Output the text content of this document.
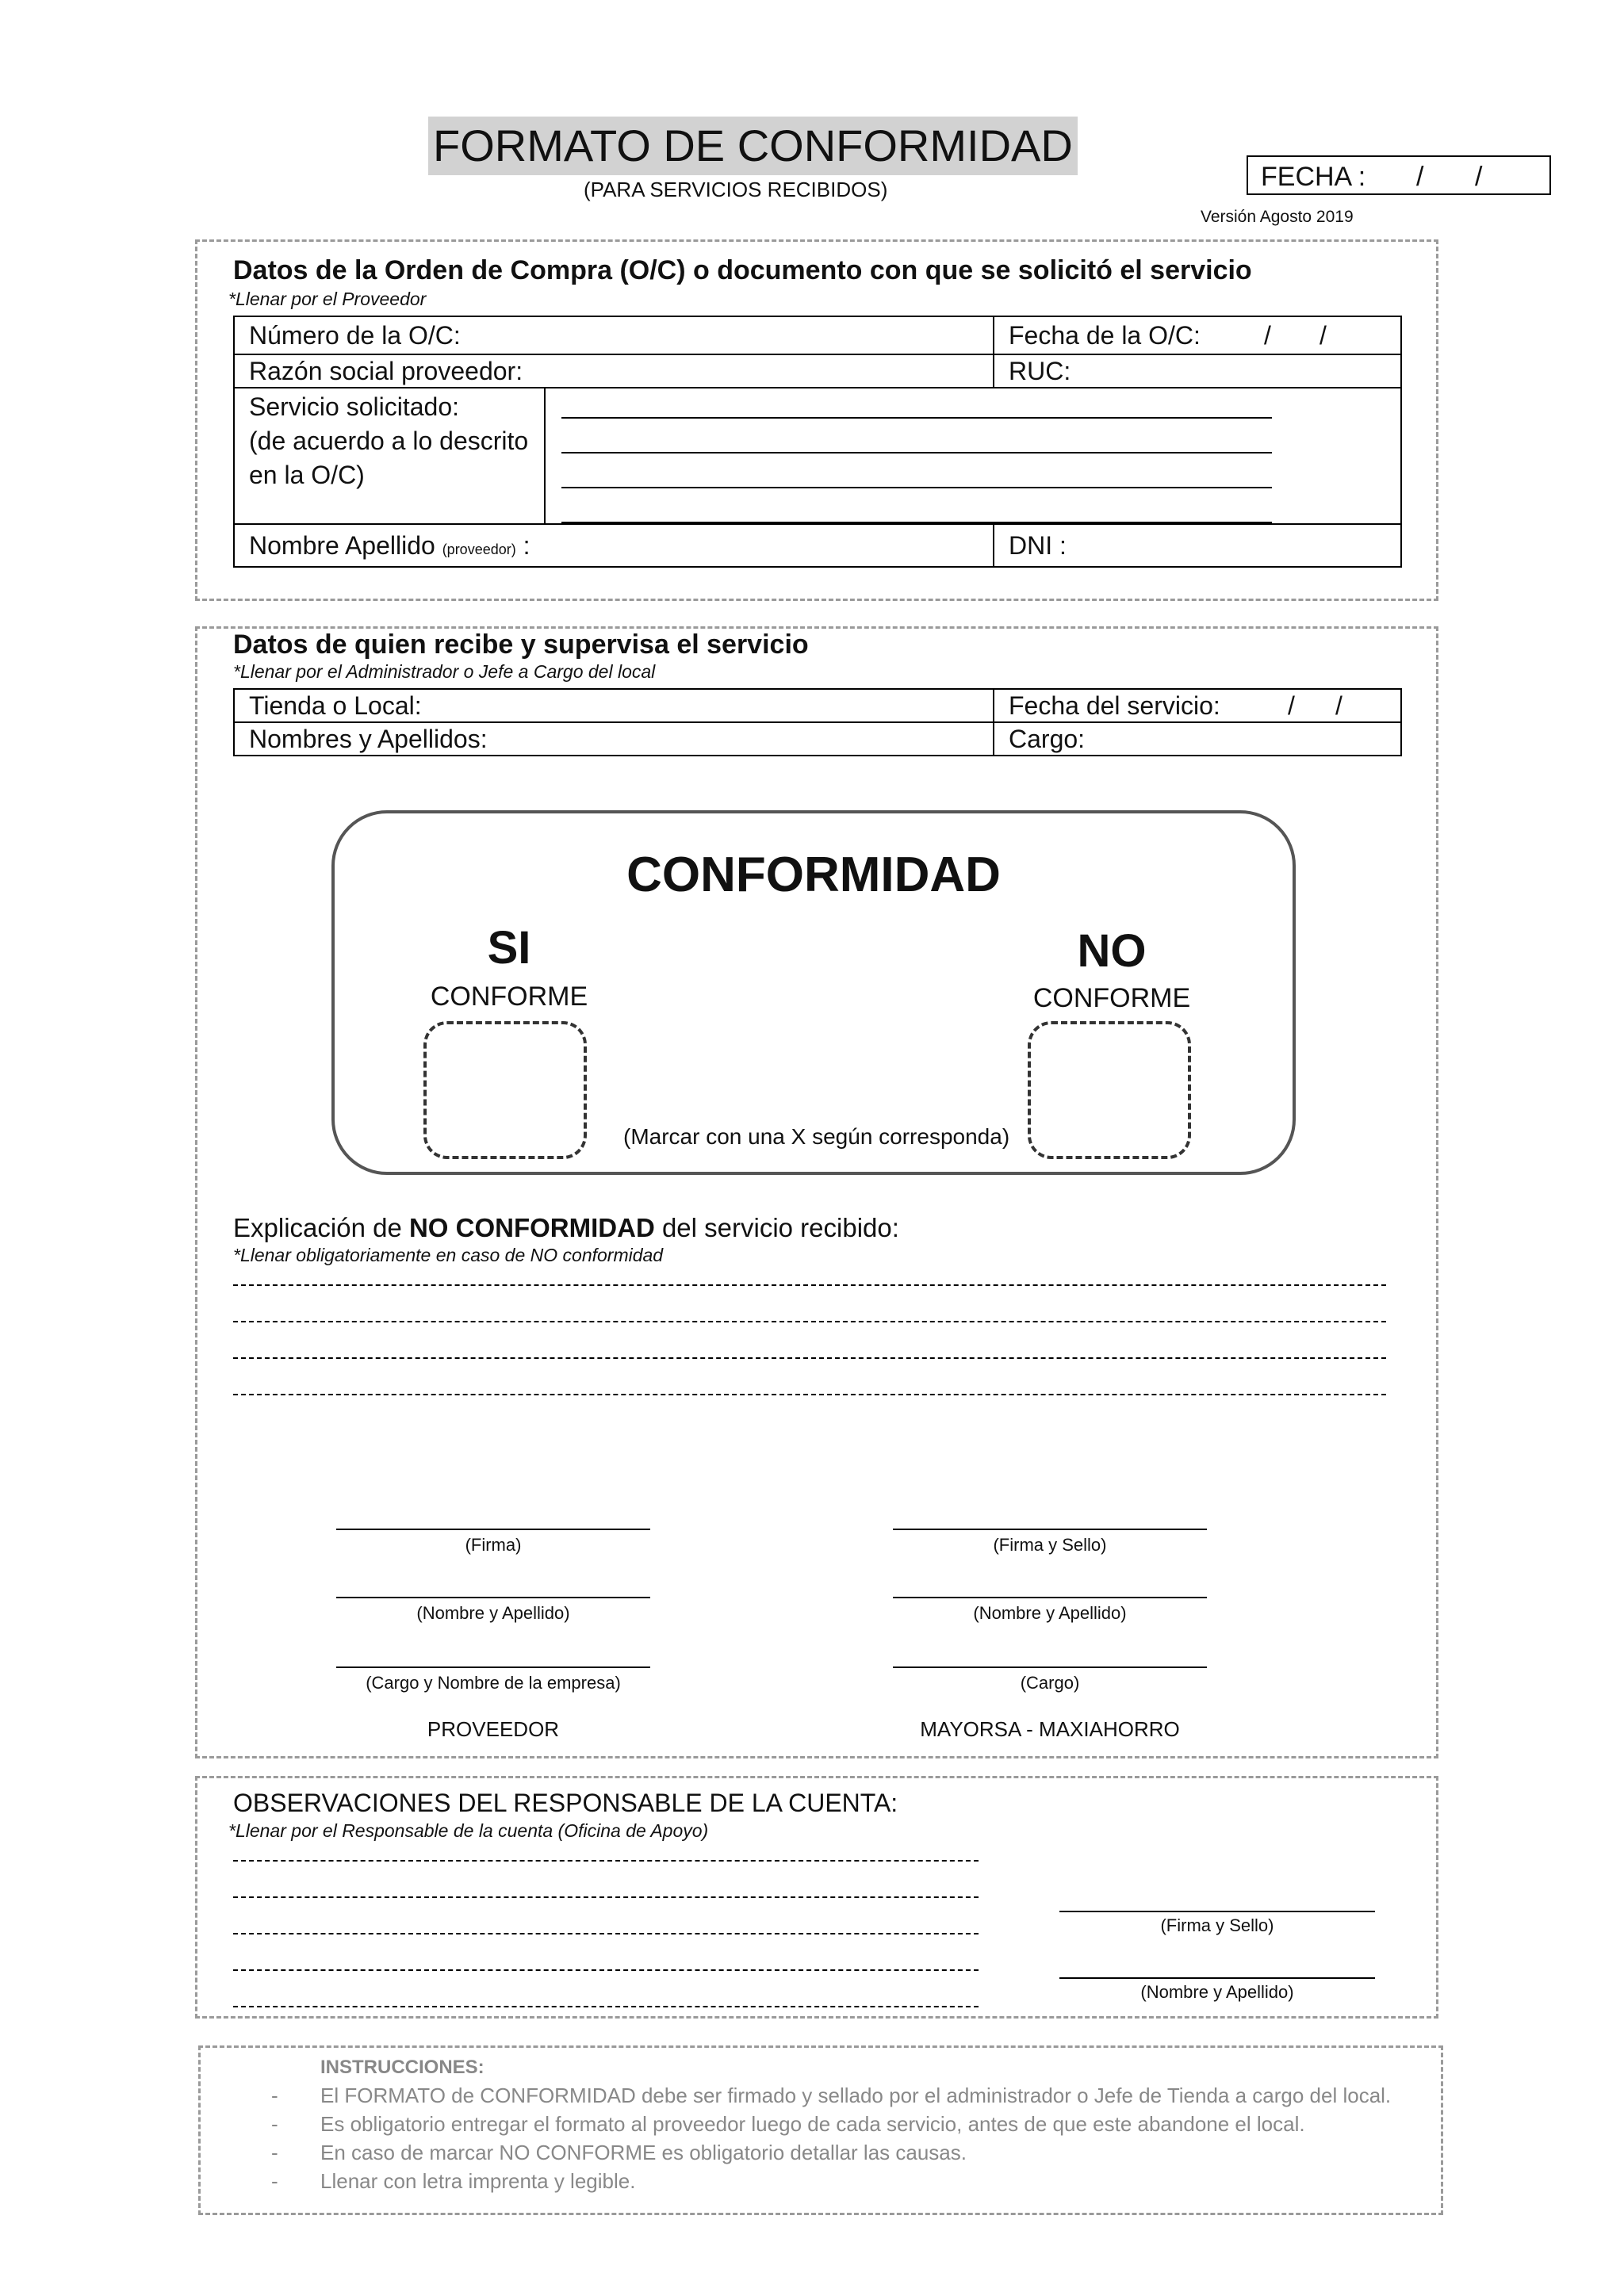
FORMATO DE CONFORMIDAD
(PARA SERVICIOS RECIBIDOS)	FECHA : / /
Versión Agosto 2019
Datos de la Orden de Compra (O/C) o documento con que se solicitó el servicio
*Llenar por el Proveedor
Número de la O/C:	Fecha de la O/C: / /

Razón social proveedor:	RUC:

Servicio solicitado:
(de acuerdo a lo descrito
en la O/C)	

Nombre Apellido (proveedor) :	DNI :
Datos de quien recibe y supervisa el servicio
*Llenar por el Administrador o Jefe a Cargo del local
Tienda o Local:	Fecha del servicio: / /

Nombres y Apellidos:	Cargo:
CONFORMIDAD
SI
CONFORME
NO
CONFORME
(Marcar con una X según corresponda)
Explicación de NO CONFORMIDAD del servicio recibido:
*Llenar obligatoriamente en caso de NO conformidad
(Firma)
(Nombre y Apellido)
(Cargo y Nombre de la empresa)
PROVEEDOR
(Firma y Sello)
(Nombre y Apellido)
(Cargo)
MAYORSA - MAXIAHORRO
OBSERVACIONES DEL RESPONSABLE DE LA CUENTA:
*Llenar por el Responsable de la cuenta (Oficina de Apoyo)
(Firma y Sello)
(Nombre y Apellido)
INSTRUCCIONES:
- El FORMATO de CONFORMIDAD debe ser firmado y sellado por el administrador o Jefe de Tienda a cargo del local.
- Es obligatorio entregar el formato al proveedor luego de cada servicio, antes de que este abandone el local.
- En caso de marcar NO CONFORME es obligatorio detallar las causas.
- Llenar con letra imprenta y legible.
